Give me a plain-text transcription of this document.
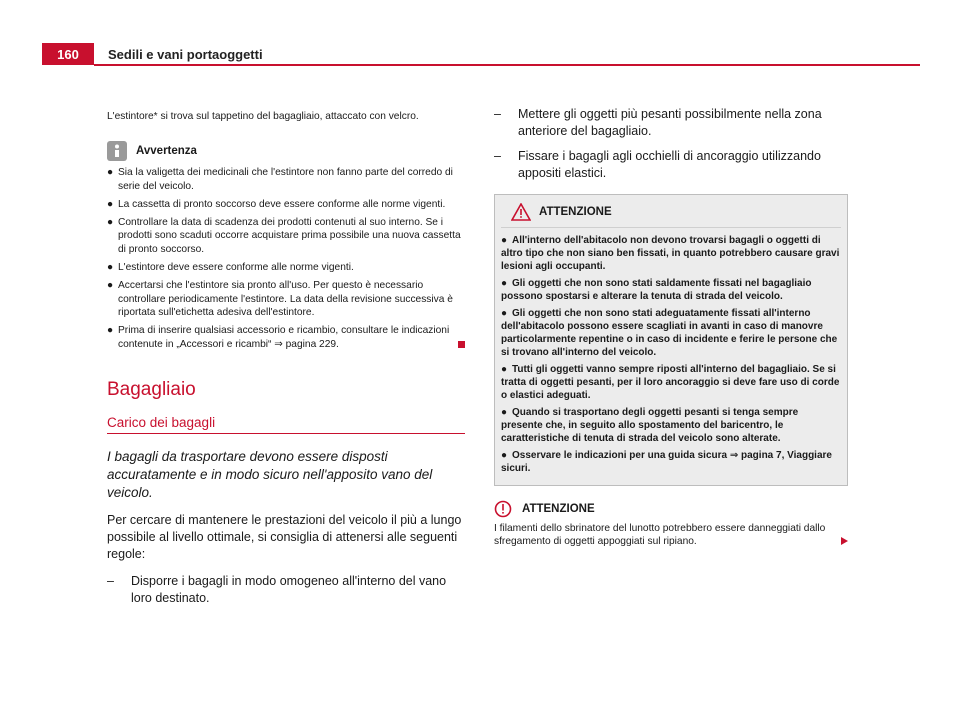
160	Sedili e vani portaoggetti

L'estintore* si trova sul tappetino del bagagliaio, attaccato con velcro.

Avvertenza

● Sia la valigetta dei medicinali che l'estintore non fanno parte del corredo di serie del veicolo.

● La cassetta di pronto soccorso deve essere conforme alle norme vigenti.

● Controllare la data di scadenza dei prodotti contenuti al suo interno. Se i prodotti sono scaduti occorre acquistare prima possibile una nuova cassetta di pronto soccorso.

● L'estintore deve essere conforme alle norme vigenti.

● Accertarsi che l'estintore sia pronto all'uso. Per questo è necessario controllare periodicamente l'estintore. La data della revisione successiva è riportata sull'etichetta adesiva dell'estintore.

● Prima di inserire qualsiasi accessorio e ricambio, consultare le indicazioni contenute in „Accessori e ricambi“ ⇒ pagina 229.

Bagagliaio
Carico dei bagagli

I bagagli da trasportare devono essere disposti accuratamente e in modo sicuro nell'apposito vano del veicolo.

Per cercare di mantenere le prestazioni del veicolo il più a lungo possibile al livello ottimale, si consiglia di attenersi alle seguenti regole:

– Disporre i bagagli in modo omogeneo all'interno del vano loro destinato.
– Mettere gli oggetti più pesanti possibilmente nella zona anteriore del bagagliaio.
– Fissare i bagagli agli occhielli di ancoraggio utilizzando appositi elastici.
ATTENZIONE

● All'interno dell'abitacolo non devono trovarsi bagagli o oggetti di altro tipo che non siano ben fissati, in quanto potrebbero causare gravi lesioni agli occupanti.

● Gli oggetti che non sono stati saldamente fissati nel bagagliaio possono spostarsi e alterare la tenuta di strada del veicolo.

● Gli oggetti che non sono stati adeguatamente fissati all'interno dell'abitacolo possono essere scagliati in avanti in caso di manovre particolarmente repentine o in caso di incidente e ferire le persone che si trovano all'interno del veicolo.

● Tutti gli oggetti vanno sempre riposti all'interno del bagagliaio. Se si tratta di oggetti pesanti, per il loro ancoraggio si deve fare uso di corde o elastici adeguati.

● Quando si trasportano degli oggetti pesanti si tenga sempre presente che, in seguito allo spostamento del baricentro, le caratteristiche di tenuta di strada del veicolo sono alterate.

● Osservare le indicazioni per una guida sicura ⇒ pagina 7, Viaggiare sicuri.

ATTENZIONE

I filamenti dello sbrinatore del lunotto potrebbero essere danneggiati dallo sfregamento di oggetti appoggiati sul ripiano.
